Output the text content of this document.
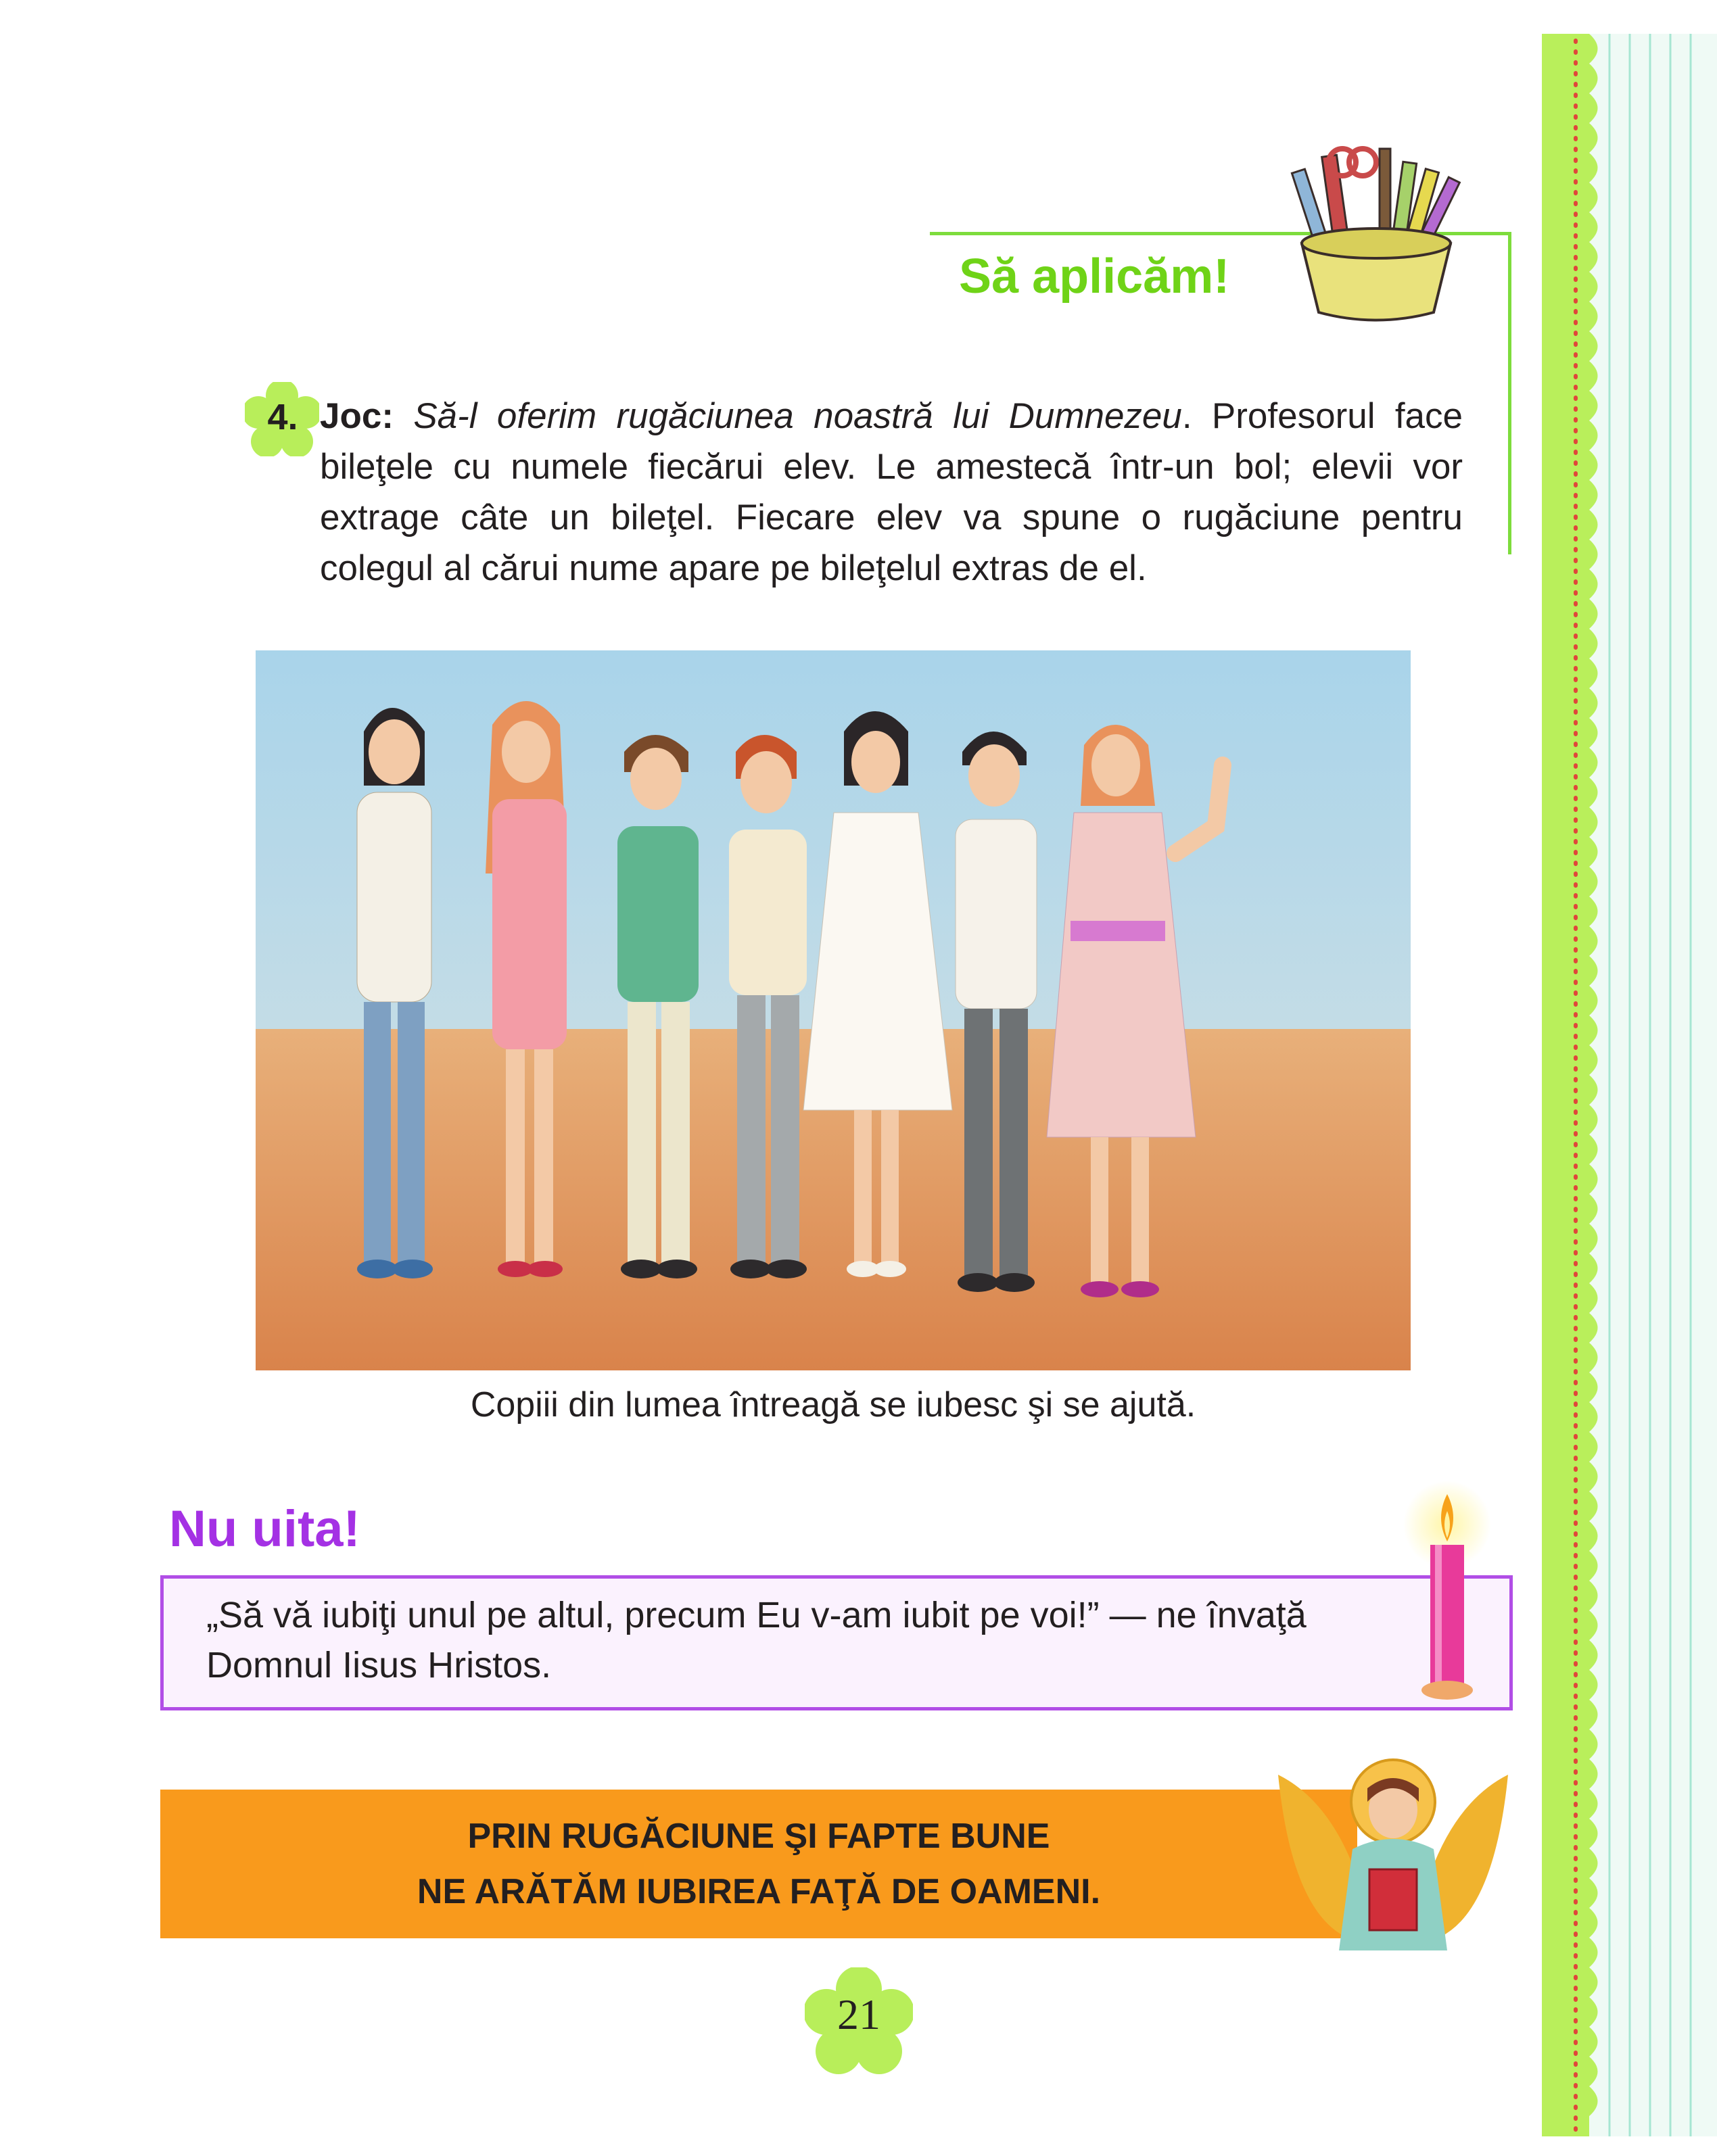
Să aplicăm!
4. Joc: Să-l oferim rugăciunea noastră lui Dumnezeu. Profesorul face bileţele cu numele fiecărui elev. Le amestecă într-un bol; elevii vor extrage câte un bileţel. Fiecare elev va spune o rugăciune pentru colegul al cărui nume apare pe bileţelul extras de el.
Copiii din lumea întreagă se iubesc şi se ajută.
Nu uita!
„Să vă iubiţi unul pe altul, precum Eu v-am iubit pe voi!” — ne învaţă
Domnul Iisus Hristos.
PRIN RUGĂCIUNE ŞI FAPTE BUNE
NE ARĂTĂM IUBIREA FAŢĂ DE OAMENI.
21
